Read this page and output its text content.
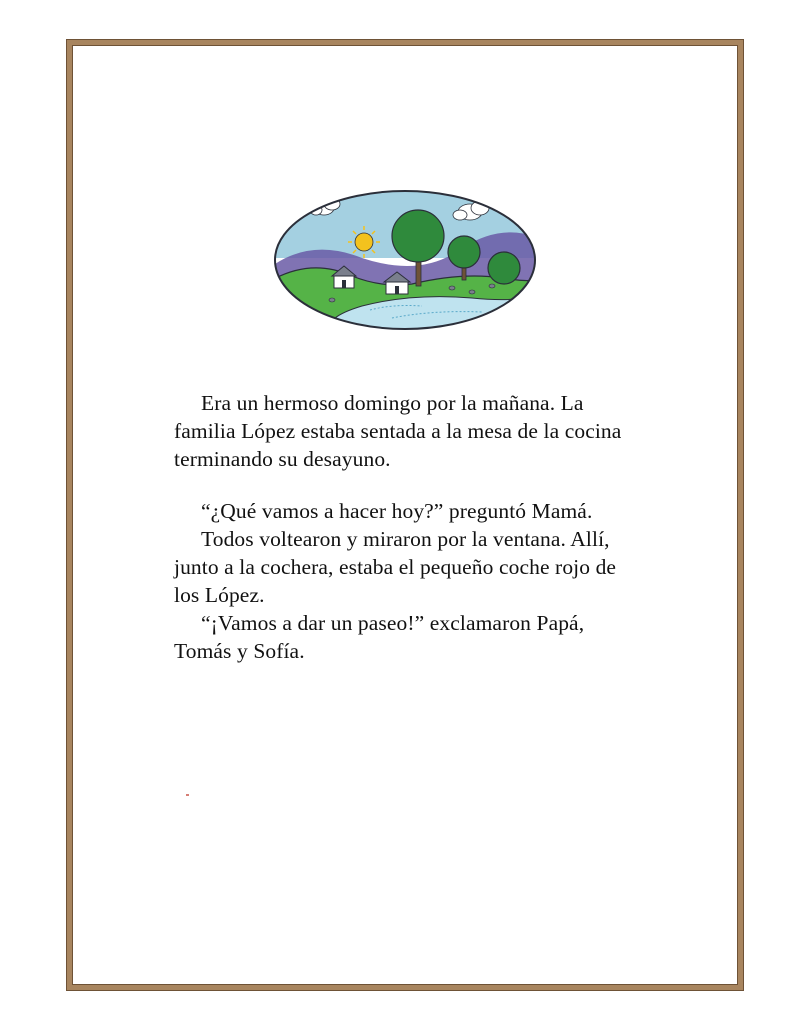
Era un hermoso domingo por la mañana. La
familia López estaba sentada a la mesa de la cocina
terminando su desayuno.

“¿Qué vamos a hacer hoy?” preguntó Mamá.

Todos voltearon y miraron por la ventana. Allí,
junto a la cochera, estaba el pequeño coche rojo de
los López.

“¡Vamos a dar un paseo!” exclamaron Papá,
Tomás y Sofía.
